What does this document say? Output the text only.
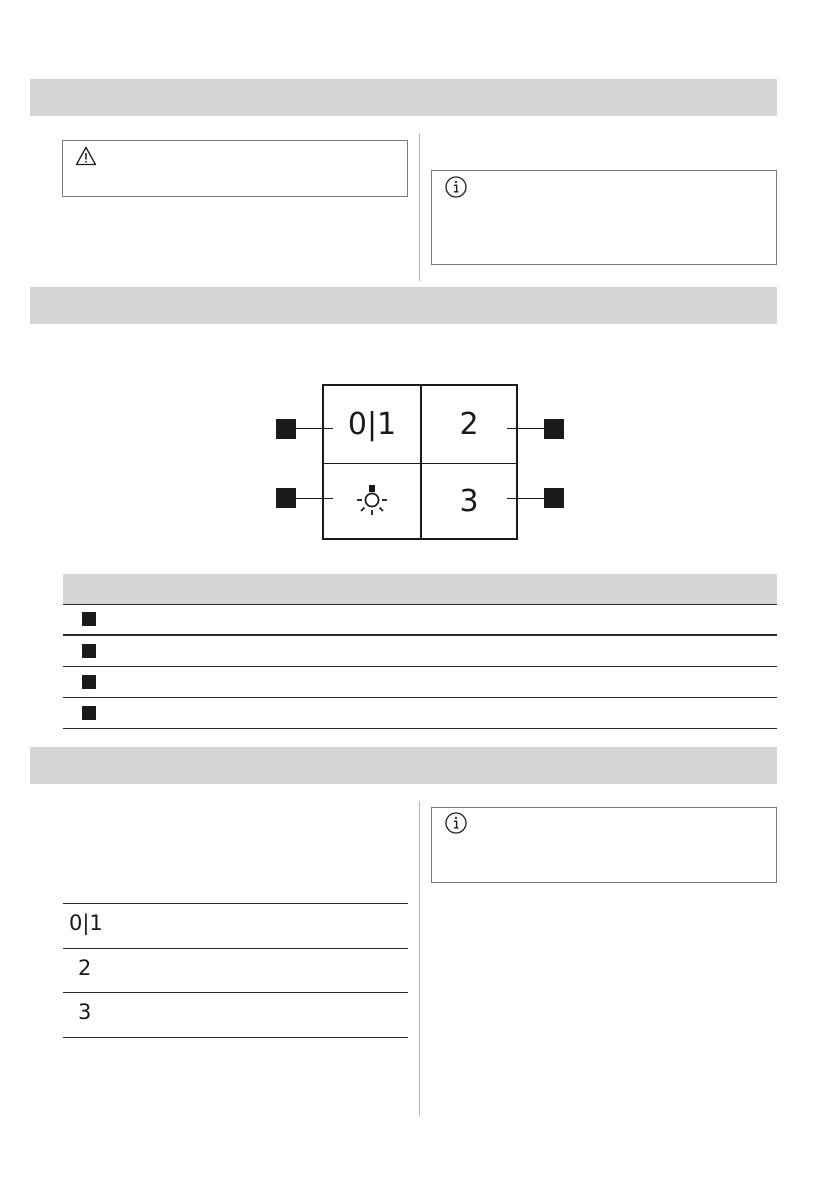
0|1	2
3
0|1
2
3
